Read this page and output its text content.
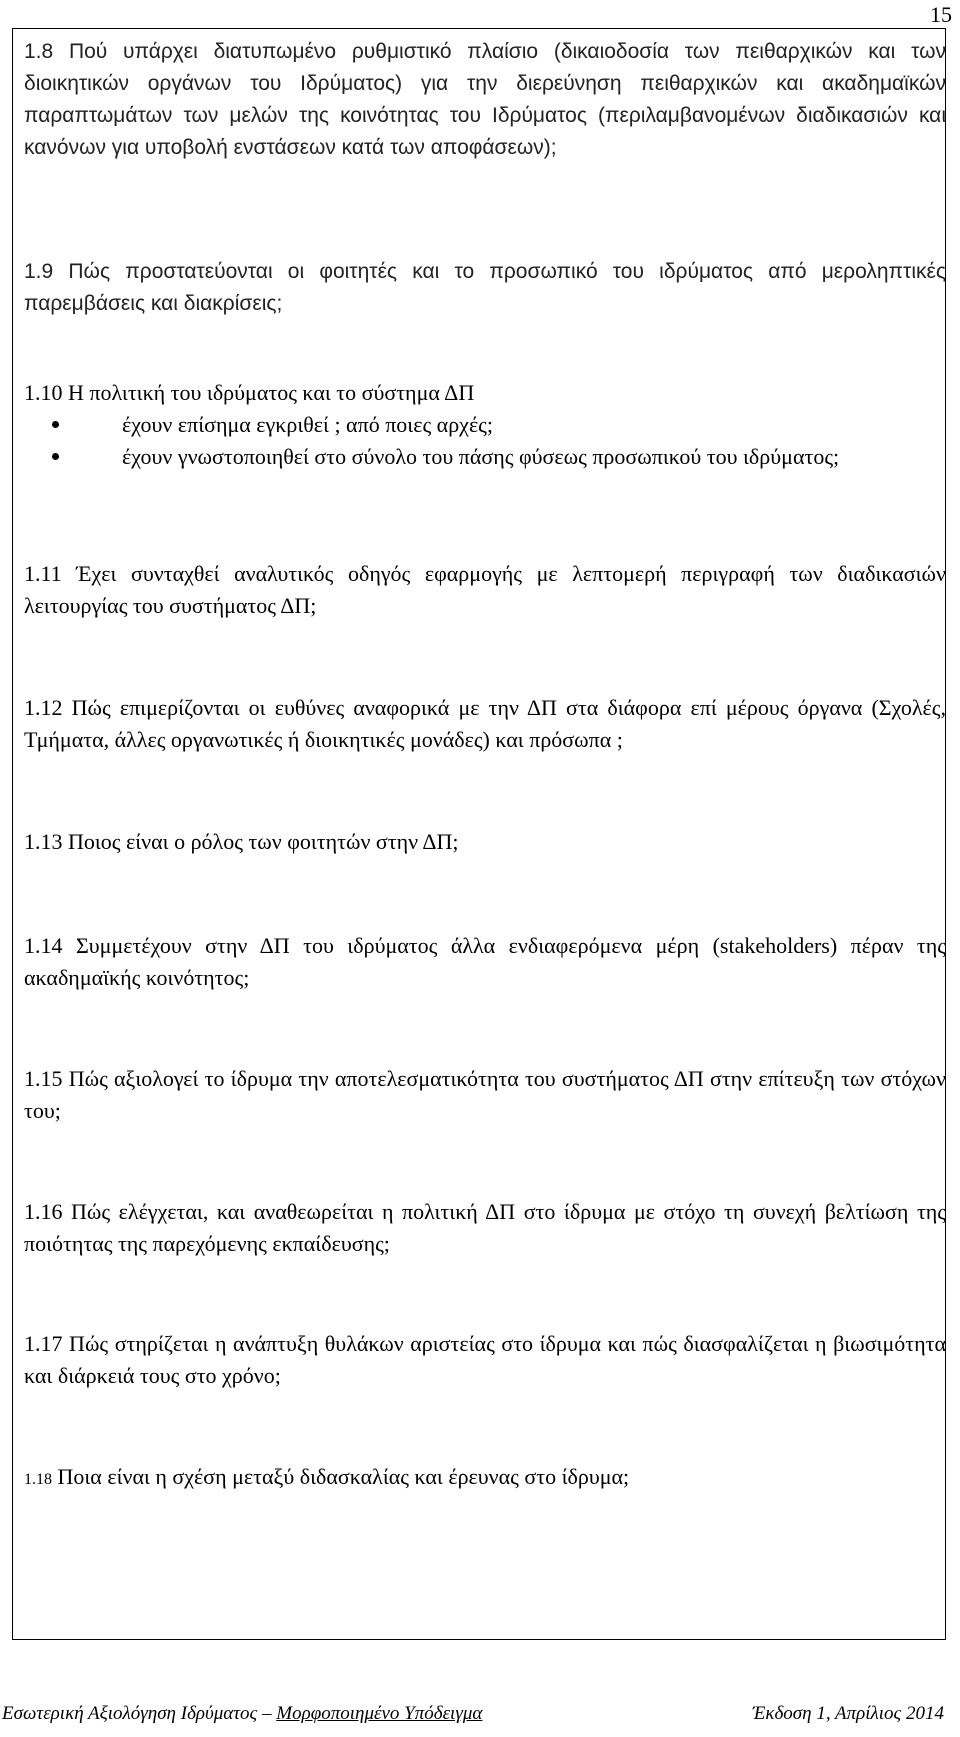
15

1.8 Πού υπάρχει διατυπωμένο ρυθμιστικό πλαίσιο (δικαιοδοσία των πειθαρχικών και των διοικητικών οργάνων του Ιδρύματος) για την διερεύνηση πειθαρχικών και ακαδημαϊκών παραπτωμάτων των μελών της κοινότητας του Ιδρύματος (περιλαμβανομένων διαδικασιών και κανόνων για υποβολή ενστάσεων κατά των αποφάσεων);

1.9 Πώς προστατεύονται οι φοιτητές και το προσωπικό του ιδρύματος από μεροληπτικές παρεμβάσεις και διακρίσεις;

1.10 Η πολιτική του ιδρύματος και το σύστημα ΔΠ
έχουν επίσημα εγκριθεί ; από ποιες αρχές;
έχουν γνωστοποιηθεί στο σύνολο του πάσης φύσεως προσωπικού του ιδρύματος;

1.11 Έχει συνταχθεί αναλυτικός οδηγός εφαρμογής με λεπτομερή περιγραφή των διαδικασιών λειτουργίας του συστήματος ΔΠ;

1.12 Πώς επιμερίζονται οι ευθύνες αναφορικά με την ΔΠ στα διάφορα επί μέρους όργανα (Σχολές, Τμήματα, άλλες οργανωτικές ή διοικητικές μονάδες) και πρόσωπα ;

1.13 Ποιος είναι ο ρόλος των φοιτητών στην ΔΠ;

1.14 Συμμετέχουν στην ΔΠ του ιδρύματος άλλα ενδιαφερόμενα μέρη (stakeholders) πέραν της ακαδημαϊκής κοινότητος;

1.15 Πώς αξιολογεί το ίδρυμα την αποτελεσματικότητα του συστήματος ΔΠ στην επίτευξη των στόχων του;

1.16 Πώς ελέγχεται, και αναθεωρείται η πολιτική ΔΠ στο ίδρυμα με στόχο τη συνεχή βελτίωση της ποιότητας της παρεχόμενης εκπαίδευσης;

1.17 Πώς στηρίζεται η ανάπτυξη θυλάκων αριστείας στο ίδρυμα και πώς διασφαλίζεται η βιωσιμότητα και διάρκειά τους στο χρόνο;

1.18 Ποια είναι η σχέση μεταξύ διδασκαλίας και έρευνας στο ίδρυμα;

Εσωτερική Αξιολόγηση Ιδρύματος – Μορφοποιημένο Υπόδειγμα	Έκδοση 1, Απρίλιος 2014
